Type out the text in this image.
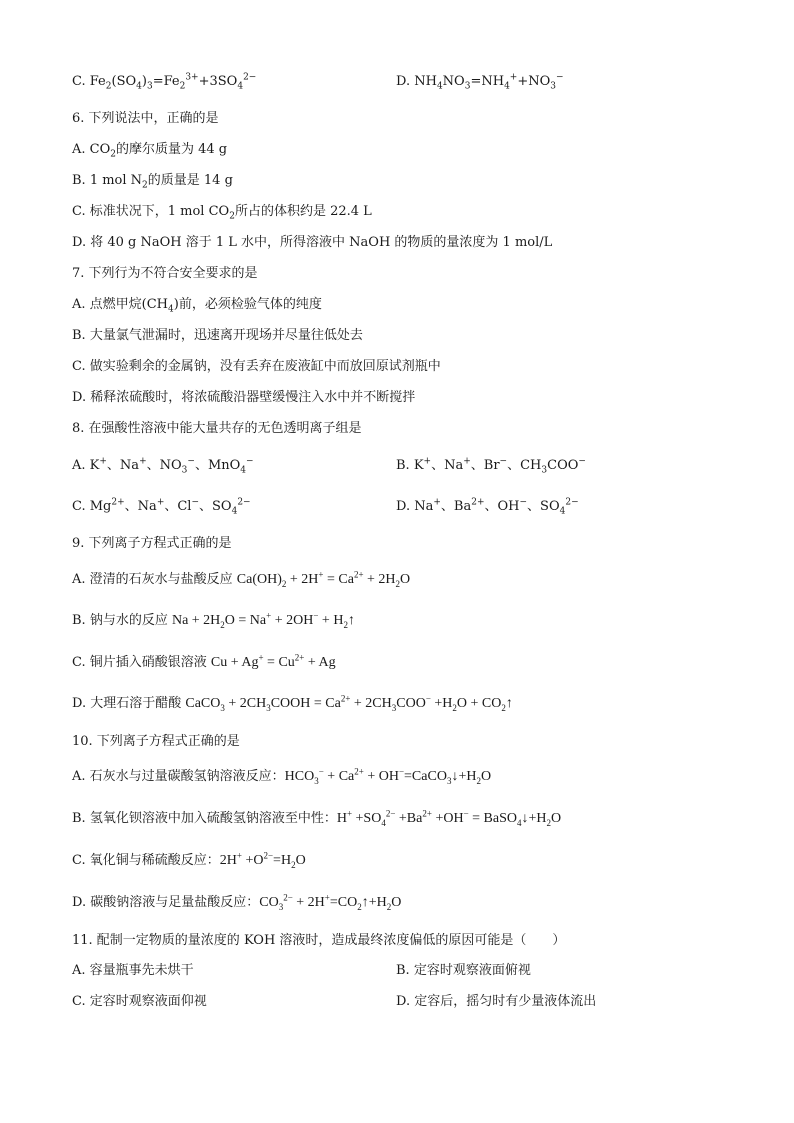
C. $Fe_2(SO_4)_3=Fe_2^{3+}+3SO_4^{2-}$	D. $NH_4NO_3=NH_4^++NO_3^-$
6. 下列说法中，正确的是
A. $CO_2$的摩尔质量为 44 g
B. 1 mol $N_2$的质量是 14 g
C. 标准状况下，1 mol $CO_2$所占的体积约是 22.4 L
D. 将 40 g NaOH 溶于 1 L 水中，所得溶液中 NaOH 的物质的量浓度为 1 mol/L
7. 下列行为不符合安全要求的是
A. 点燃甲烷$(CH_4)$前，必须检验气体的纯度
B. 大量氯气泄漏时，迅速离开现场并尽量往低处去
C. 做实验剩余的金属钠，没有丢弃在废液缸中而放回原试剂瓶中
D. 稀释浓硫酸时，将浓硫酸沿器壁缓慢注入水中并不断搅拌
8. 在强酸性溶液中能大量共存的无色透明离子组是
A. K+、Na+、$NO_3^-$、MnO$_4$−	B. K+、Na+、Br−、$CH_3COO^-$
C. $Mg^{2+}$、Na+、Cl−、$SO_4^{2-}$	D. Na+、$Ba^{2+}$、OH−、$SO_4^{2-}$
9. 下列离子方程式正确的是
A. 澄清的石灰水与盐酸反应 $Ca(OH)_2 + 2H^+ = Ca^{2+} + 2H_2O$
B. 钠与水的反应 $Na + 2H_2O = Na^+ + 2OH^-$ + $H_2↑$
C. 铜片插入硝酸银溶液 $Cu + Ag^+ = Cu^{2+} + Ag$
D. 大理石溶于醋酸 CaCO$_3$ + $2CH_3COOH = Ca^{2+} + 2CH_3COO^- +H_2O$ + $CO_2↑$
10. 下列离子方程式正确的是
A. 石灰水与过量碳酸氢钠溶液反应：$HCO_3^- + Ca^{2+}$ + $OH^-=CaCO_3↓+H_2O$
B. 氢氧化钡溶液中加入硫酸氢钠溶液至中性：$H^+ +SO_4^{2-} +Ba^{2+} +OH^-$ = $BaSO_4↓+H_2O$
C. 氧化铜与稀硫酸反应：$2H^+ +O^{2-}=H_2O$
D. 碳酸钠溶液与足量盐酸反应：$CO_3^{2-}$ + $2H^+=CO_2↑+H_2O$
11. 配制一定物质的量浓度的 KOH 溶液时，造成最终浓度偏低的原因可能是（　　）
A. 容量瓶事先未烘干	B. 定容时观察液面俯视
C. 定容时观察液面仰视	D. 定容后，摇匀时有少量液体流出
